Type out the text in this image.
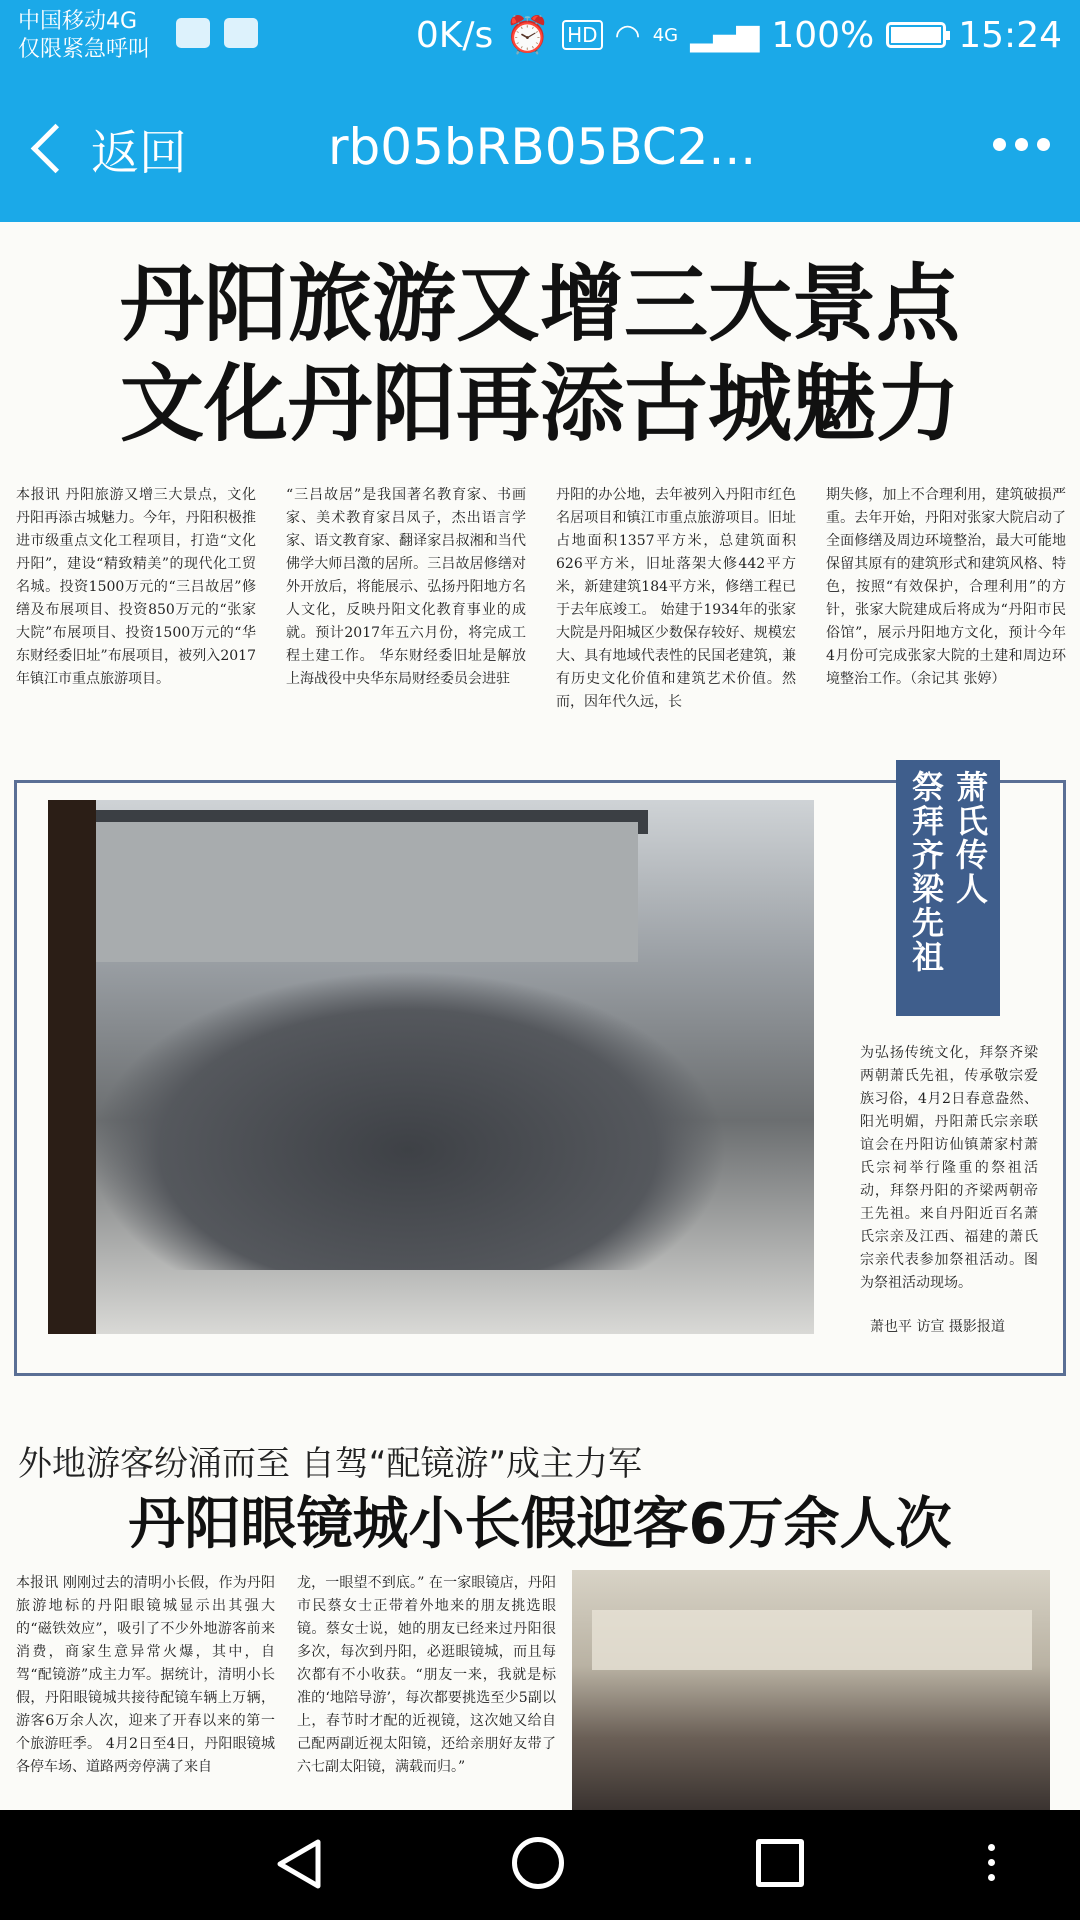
中国移动4G
仅限紧急呼叫	0K/s ⏰ HD ◠ 4G ▂▄▆ 100% 15:24
返回	rb05bRB05BC2...
丹阳旅游又增三大景点
文化丹阳再添古城魅力
本报讯 丹阳旅游又增三大景点，文化丹阳再添古城魅力。今年，丹阳积极推进市级重点文化工程项目，打造“文化丹阳”，建设“精致精美”的现代化工贸名城。投资1500万元的“三吕故居”修缮及布展项目、投资850万元的“张家大院”布展项目、投资1500万元的“华东财经委旧址”布展项目，被列入2017年镇江市重点旅游项目。
“三吕故居”是我国著名教育家、书画家、美术教育家吕凤子，杰出语言学家、语文教育家、翻译家吕叔湘和当代佛学大师吕澂的居所。三吕故居修缮对外开放后，将能展示、弘扬丹阳地方名人文化，反映丹阳文化教育事业的成就。预计2017年五六月份，将完成工程土建工作。 华东财经委旧址是解放上海战役中央华东局财经委员会进驻
丹阳的办公地，去年被列入丹阳市红色名居项目和镇江市重点旅游项目。旧址占地面积1357平方米，总建筑面积626平方米，旧址落架大修442平方米，新建建筑184平方米，修缮工程已于去年底竣工。 始建于1934年的张家大院是丹阳城区少数保存较好、规模宏大、具有地域代表性的民国老建筑，兼有历史文化价值和建筑艺术价值。然而，因年代久远，长
期失修，加上不合理利用，建筑破损严重。去年开始，丹阳对张家大院启动了全面修缮及周边环境整治，最大可能地保留其原有的建筑形式和建筑风格、特色，按照“有效保护，合理利用”的方针，张家大院建成后将成为“丹阳市民俗馆”，展示丹阳地方文化，预计今年4月份可完成张家大院的土建和周边环境整治工作。（余记其 张婷）
萧氏传人
祭拜齐梁先祖
为弘扬传统文化，拜祭齐梁两朝萧氏先祖，传承敬宗爱族习俗，4月2日春意盎然、阳光明媚，丹阳萧氏宗亲联谊会在丹阳访仙镇萧家村萧氏宗祠举行隆重的祭祖活动，拜祭丹阳的齐梁两朝帝王先祖。来自丹阳近百名萧氏宗亲及江西、福建的萧氏宗亲代表参加祭祖活动。图为祭祖活动现场。
萧也平 访宣 摄影报道
外地游客纷涌而至 自驾“配镜游”成主力军
丹阳眼镜城小长假迎客6万余人次
本报讯 刚刚过去的清明小长假，作为丹阳旅游地标的丹阳眼镜城显示出其强大的“磁铁效应”，吸引了不少外地游客前来消费，商家生意异常火爆，其中，自驾“配镜游”成主力军。据统计，清明小长假，丹阳眼镜城共接待配镜车辆上万辆，游客6万余人次，迎来了开春以来的第一个旅游旺季。 4月2日至4日，丹阳眼镜城各停车场、道路两旁停满了来自
龙，一眼望不到底。” 在一家眼镜店，丹阳市民蔡女士正带着外地来的朋友挑选眼镜。蔡女士说，她的朋友已经来过丹阳很多次，每次到丹阳，必逛眼镜城，而且每次都有不小收获。“朋友一来，我就是标准的‘地陪导游’，每次都要挑选至少5副以上，春节时才配的近视镜，这次她又给自己配两副近视太阳镜，还给亲朋好友带了六七副太阳镜，满载而归。”
